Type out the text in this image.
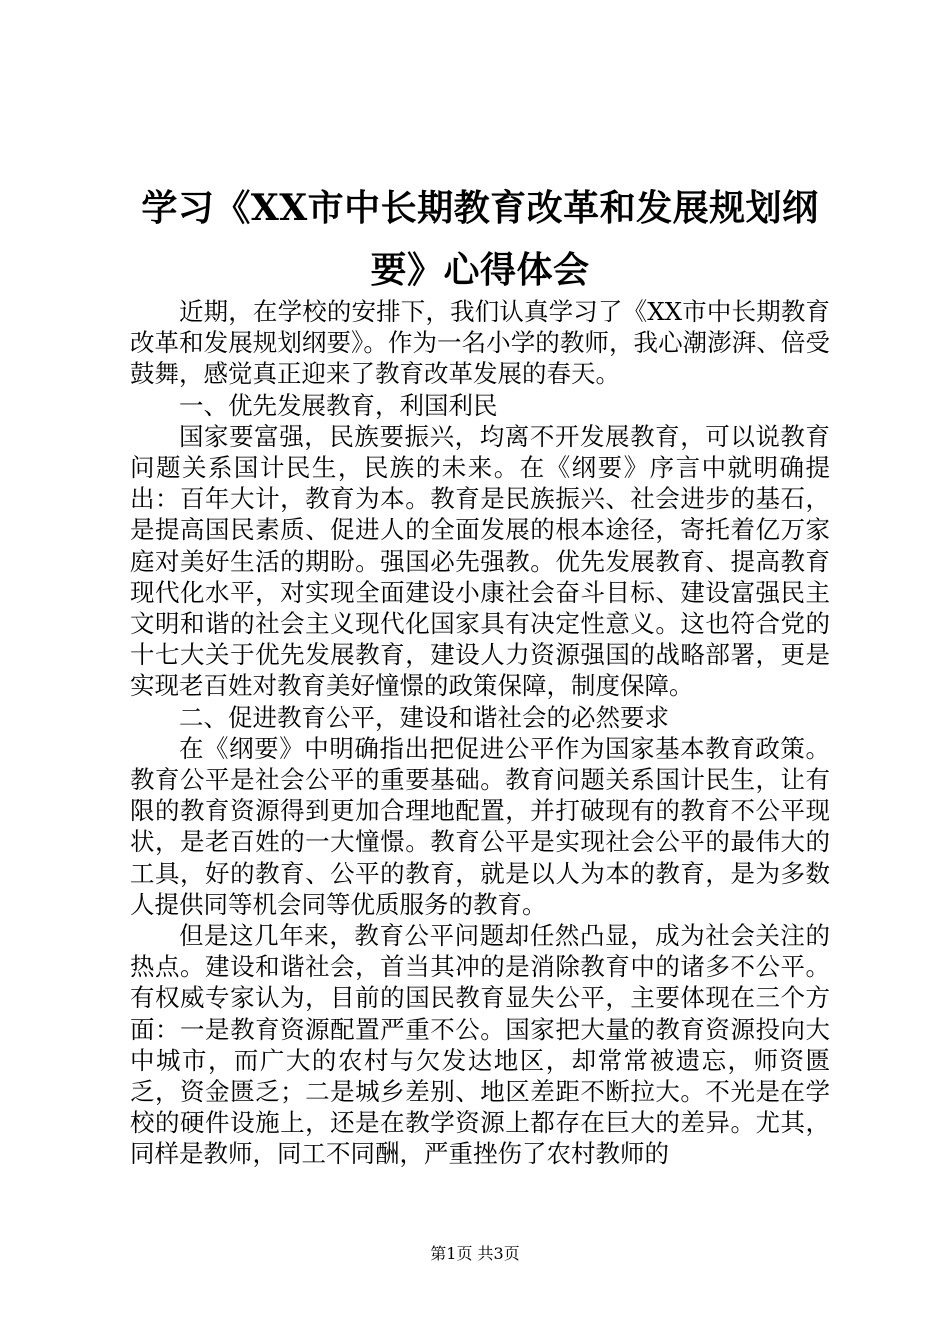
学习《XX市中长期教育改革和发展规划纲
要》心得体会

近期，在学校的安排下，我们认真学习了《XX市中长期教育改革和发展规划纲要》。作为一名小学的教师，我心潮澎湃、倍受鼓舞，感觉真正迎来了教育改革发展的春天。

一、优先发展教育，利国利民

国家要富强，民族要振兴，均离不开发展教育，可以说教育问题关系国计民生，民族的未来。在《纲要》序言中就明确提出：百年大计，教育为本。教育是民族振兴、社会进步的基石，是提高国民素质、促进人的全面发展的根本途径，寄托着亿万家庭对美好生活的期盼。强国必先强教。优先发展教育、提高教育现代化水平，对实现全面建设小康社会奋斗目标、建设富强民主文明和谐的社会主义现代化国家具有决定性意义。这也符合党的十七大关于优先发展教育，建设人力资源强国的战略部署，更是实现老百姓对教育美好憧憬的政策保障，制度保障。

二、促进教育公平，建设和谐社会的必然要求

在《纲要》中明确指出把促进公平作为国家基本教育政策。教育公平是社会公平的重要基础。教育问题关系国计民生，让有限的教育资源得到更加合理地配置，并打破现有的教育不公平现状，是老百姓的一大憧憬。教育公平是实现社会公平的最伟大的工具，好的教育、公平的教育，就是以人为本的教育，是为多数人提供同等机会同等优质服务的教育。

但是这几年来，教育公平问题却任然凸显，成为社会关注的热点。建设和谐社会，首当其冲的是消除教育中的诸多不公平。有权威专家认为，目前的国民教育显失公平，主要体现在三个方面：一是教育资源配置严重不公。国家把大量的教育资源投向大中城市，而广大的农村与欠发达地区，却常常被遗忘，师资匮乏，资金匮乏；二是城乡差别、地区差距不断拉大。不光是在学校的硬件设施上，还是在教学资源上都存在巨大的差异。尤其，同样是教师，同工不同酬，严重挫伤了农村教师的

第1页 共3页
